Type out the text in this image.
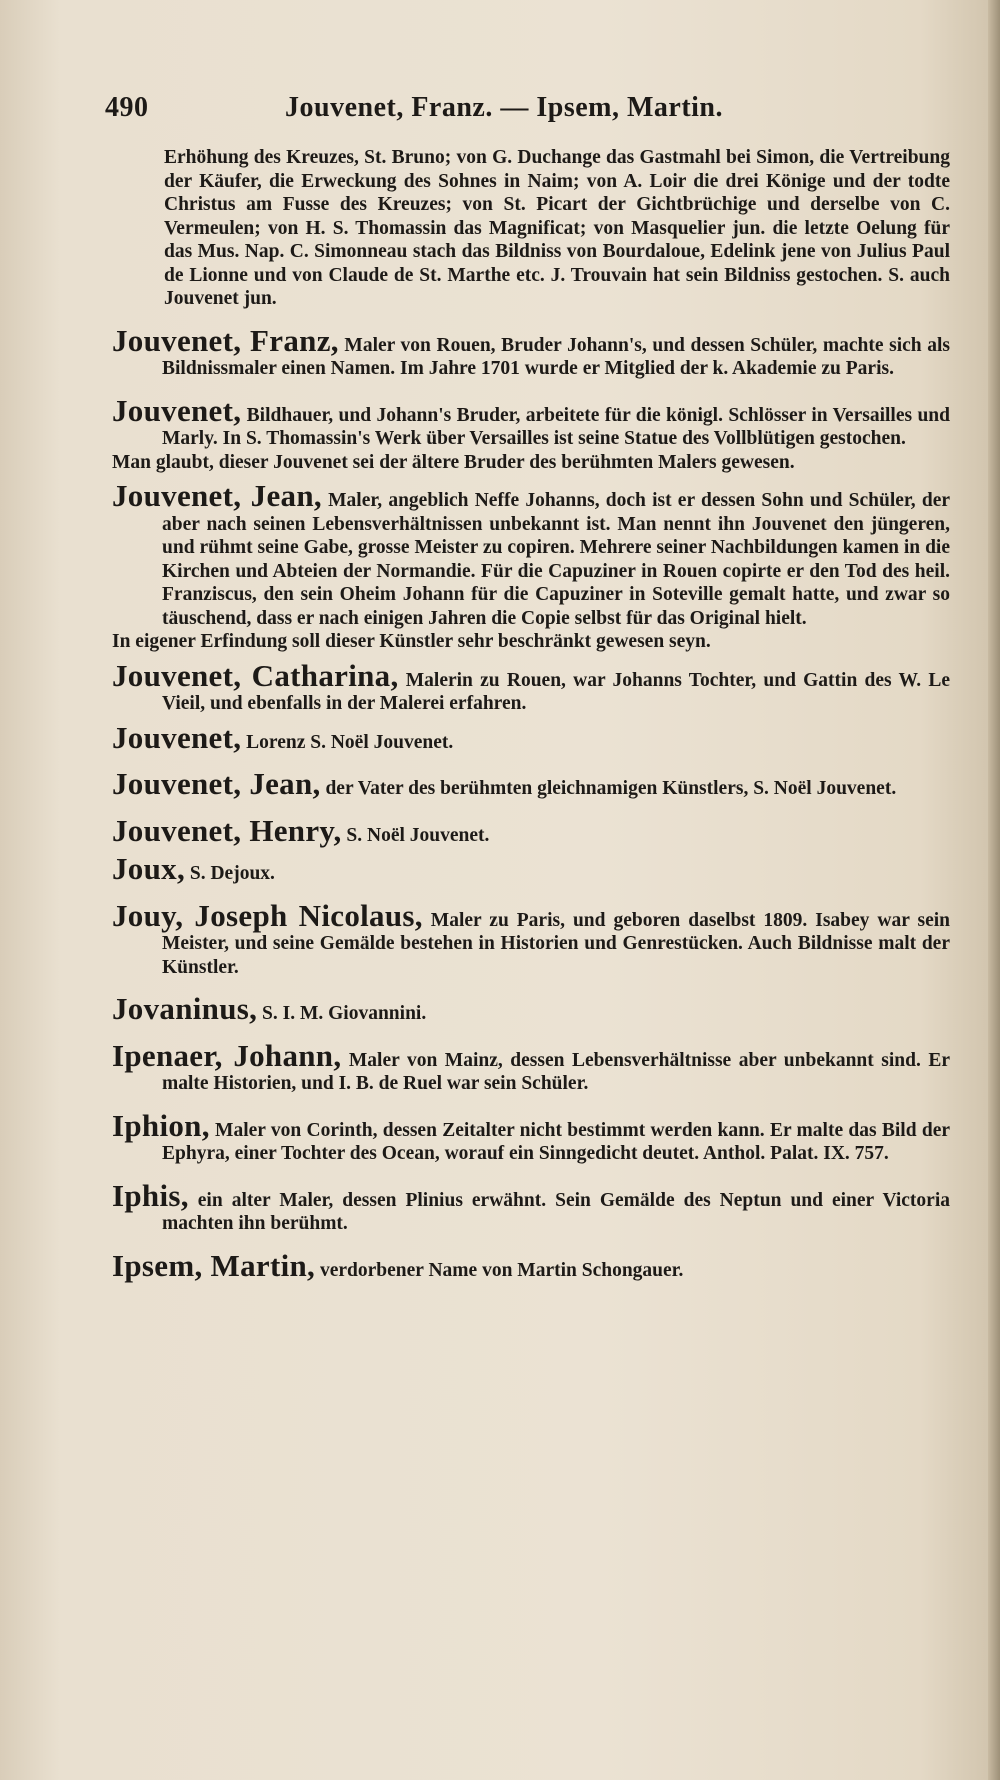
490	Jouvenet, Franz. — Ipsem, Martin.

Erhöhung des Kreuzes, St. Bruno; von G. Duchange das Gastmahl bei Simon, die Vertreibung der Käufer, die Erweckung des Sohnes in Naim; von A. Loir die drei Könige und der todte Christus am Fusse des Kreuzes; von St. Picart der Gichtbrüchige und derselbe von C. Vermeulen; von H. S. Thomassin das Magnificat; von Masquelier jun. die letzte Oelung für das Mus. Nap. C. Simonneau stach das Bildniss von Bourdaloue, Edelink jene von Julius Paul de Lionne und von Claude de St. Marthe etc. J. Trouvain hat sein Bildniss gestochen. S. auch Jouvenet jun.

Jouvenet, Franz, Maler von Rouen, Bruder Johann's, und dessen Schüler, machte sich als Bildnissmaler einen Namen. Im Jahre 1701 wurde er Mitglied der k. Akademie zu Paris.

Jouvenet, Bildhauer, und Johann's Bruder, arbeitete für die königl. Schlösser in Versailles und Marly. In S. Thomassin's Werk über Versailles ist seine Statue des Vollblütigen gestochen.

Man glaubt, dieser Jouvenet sei der ältere Bruder des berühmten Malers gewesen.

Jouvenet, Jean, Maler, angeblich Neffe Johanns, doch ist er dessen Sohn und Schüler, der aber nach seinen Lebensverhältnissen unbekannt ist. Man nennt ihn Jouvenet den jüngeren, und rühmt seine Gabe, grosse Meister zu copiren. Mehrere seiner Nachbildungen kamen in die Kirchen und Abteien der Normandie. Für die Capuziner in Rouen copirte er den Tod des heil. Franziscus, den sein Oheim Johann für die Capuziner in Soteville gemalt hatte, und zwar so täuschend, dass er nach einigen Jahren die Copie selbst für das Original hielt.

In eigener Erfindung soll dieser Künstler sehr beschränkt gewesen seyn.

Jouvenet, Catharina, Malerin zu Rouen, war Johanns Tochter, und Gattin des W. Le Vieil, und ebenfalls in der Malerei erfahren.

Jouvenet, Lorenz S. Noël Jouvenet.

Jouvenet, Jean, der Vater des berühmten gleichnamigen Künstlers, S. Noël Jouvenet.

Jouvenet, Henry, S. Noël Jouvenet.

Joux, S. Dejoux.

Jouy, Joseph Nicolaus, Maler zu Paris, und geboren daselbst 1809. Isabey war sein Meister, und seine Gemälde bestehen in Historien und Genrestücken. Auch Bildnisse malt der Künstler.

Jovaninus, S. I. M. Giovannini.

Ipenaer, Johann, Maler von Mainz, dessen Lebensverhältnisse aber unbekannt sind. Er malte Historien, und I. B. de Ruel war sein Schüler.

Iphion, Maler von Corinth, dessen Zeitalter nicht bestimmt werden kann. Er malte das Bild der Ephyra, einer Tochter des Ocean, worauf ein Sinngedicht deutet. Anthol. Palat. IX. 757.

Iphis, ein alter Maler, dessen Plinius erwähnt. Sein Gemälde des Neptun und einer Victoria machten ihn berühmt.

Ipsem, Martin, verdorbener Name von Martin Schongauer.
